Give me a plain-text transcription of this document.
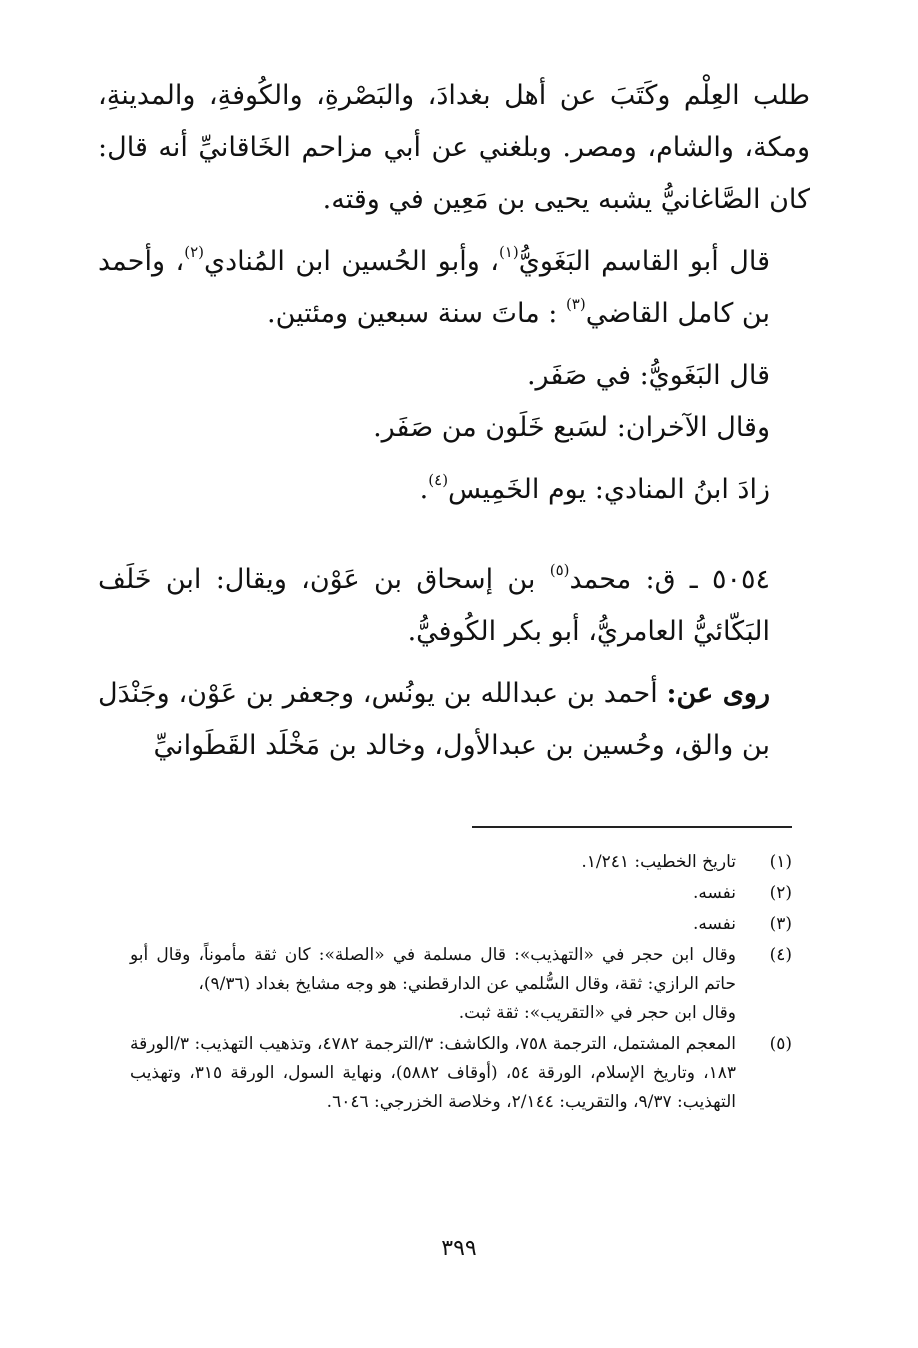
طلب العِلْم وكَتَبَ عن أهل بغدادَ، والبَصْرةِ، والكُوفةِ، والمدينةِ، ومكة، والشام، ومصر. وبلغني عن أبي مزاحم الخَاقانيِّ أنه قال: كان الصَّاغانيُّ يشبه يحيى بن مَعِين في وقته.

قال أبو القاسم البَغَويُّ$^{(١)}$، وأبو الحُسين ابن المُنادي$^{(٢)}$، وأحمد بن كامل القاضي$^{(٣)}$ : ماتَ سنة سبعين ومئتين.

قال البَغَويُّ: في صَفَر.

وقال الآخران: لسَبع خَلَون من صَفَر.

زادَ ابنُ المنادي: يوم الخَمِيس$^{(٤)}$.

٥٠٥٤ ـ ق: محمد$^{(٥)}$ بن إسحاق بن عَوْن، ويقال: ابن خَلَف البَكّائيُّ العامريُّ، أبو بكر الكُوفيُّ.

روى عن: أحمد بن عبدالله بن يونُس، وجعفر بن عَوْن، وجَنْدَل بن والق، وحُسين بن عبدالأول، وخالد بن مَخْلَد القَطَوانيِّ

(١)

تاريخ الخطيب: ١/٢٤١.

(٢)

نفسه.

(٣)

نفسه.

(٤)

وقال ابن حجر في «التهذيب»: قال مسلمة في «الصلة»: كان ثقة مأموناً، وقال أبو حاتم الرازي: ثقة، وقال السُّلمي عن الدارقطني: هو وجه مشايخ بغداد (٩/٣٦)،

وقال ابن حجر في «التقريب»: ثقة ثبت.

(٥)

المعجم المشتمل، الترجمة ٧٥٨، والكاشف: ٣/الترجمة ٤٧٨٢، وتذهيب التهذيب: ٣/الورقة ١٨٣، وتاريخ الإسلام، الورقة ٥٤، (أوقاف ٥٨٨٢)، ونهاية السول، الورقة ٣١٥، وتهذيب التهذيب: ٩/٣٧، والتقريب: ٢/١٤٤، وخلاصة الخزرجي: ٦٠٤٦.

٣٩٩
